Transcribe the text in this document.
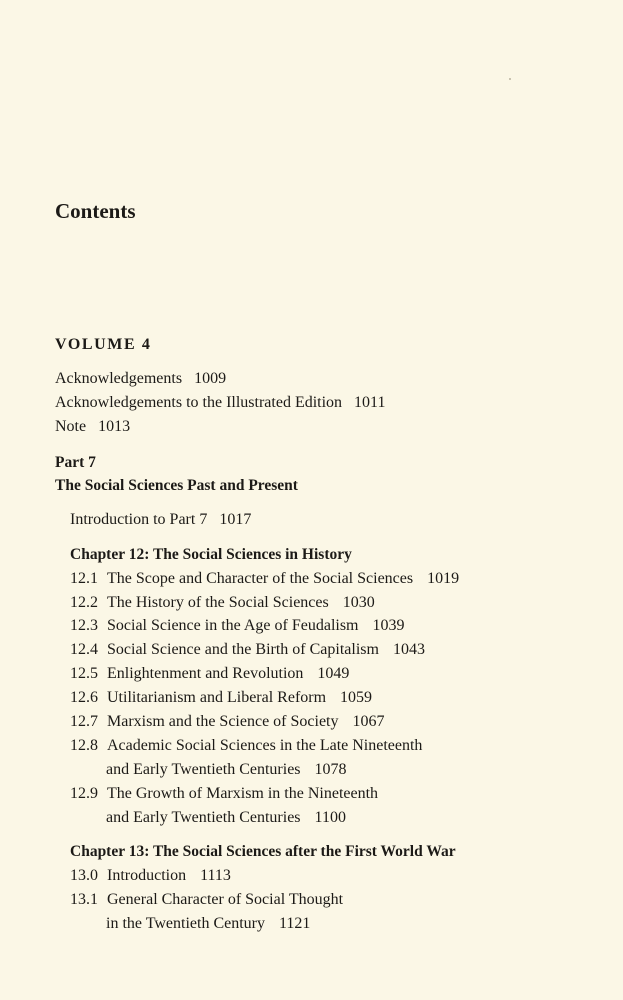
Contents
VOLUME 4
Acknowledgements 1009
Acknowledgements to the Illustrated Edition 1011
Note 1013
Part 7
The Social Sciences Past and Present
Introduction to Part 7 1017
Chapter 12: The Social Sciences in History
12.1 The Scope and Character of the Social Sciences 1019
12.2 The History of the Social Sciences 1030
12.3 Social Science in the Age of Feudalism 1039
12.4 Social Science and the Birth of Capitalism 1043
12.5 Enlightenment and Revolution 1049
12.6 Utilitarianism and Liberal Reform 1059
12.7 Marxism and the Science of Society 1067
12.8 Academic Social Sciences in the Late Nineteenth
and Early Twentieth Centuries 1078
12.9 The Growth of Marxism in the Nineteenth
and Early Twentieth Centuries 1100
Chapter 13: The Social Sciences after the First World War
13.0 Introduction 1113
13.1 General Character of Social Thought
in the Twentieth Century 1121
